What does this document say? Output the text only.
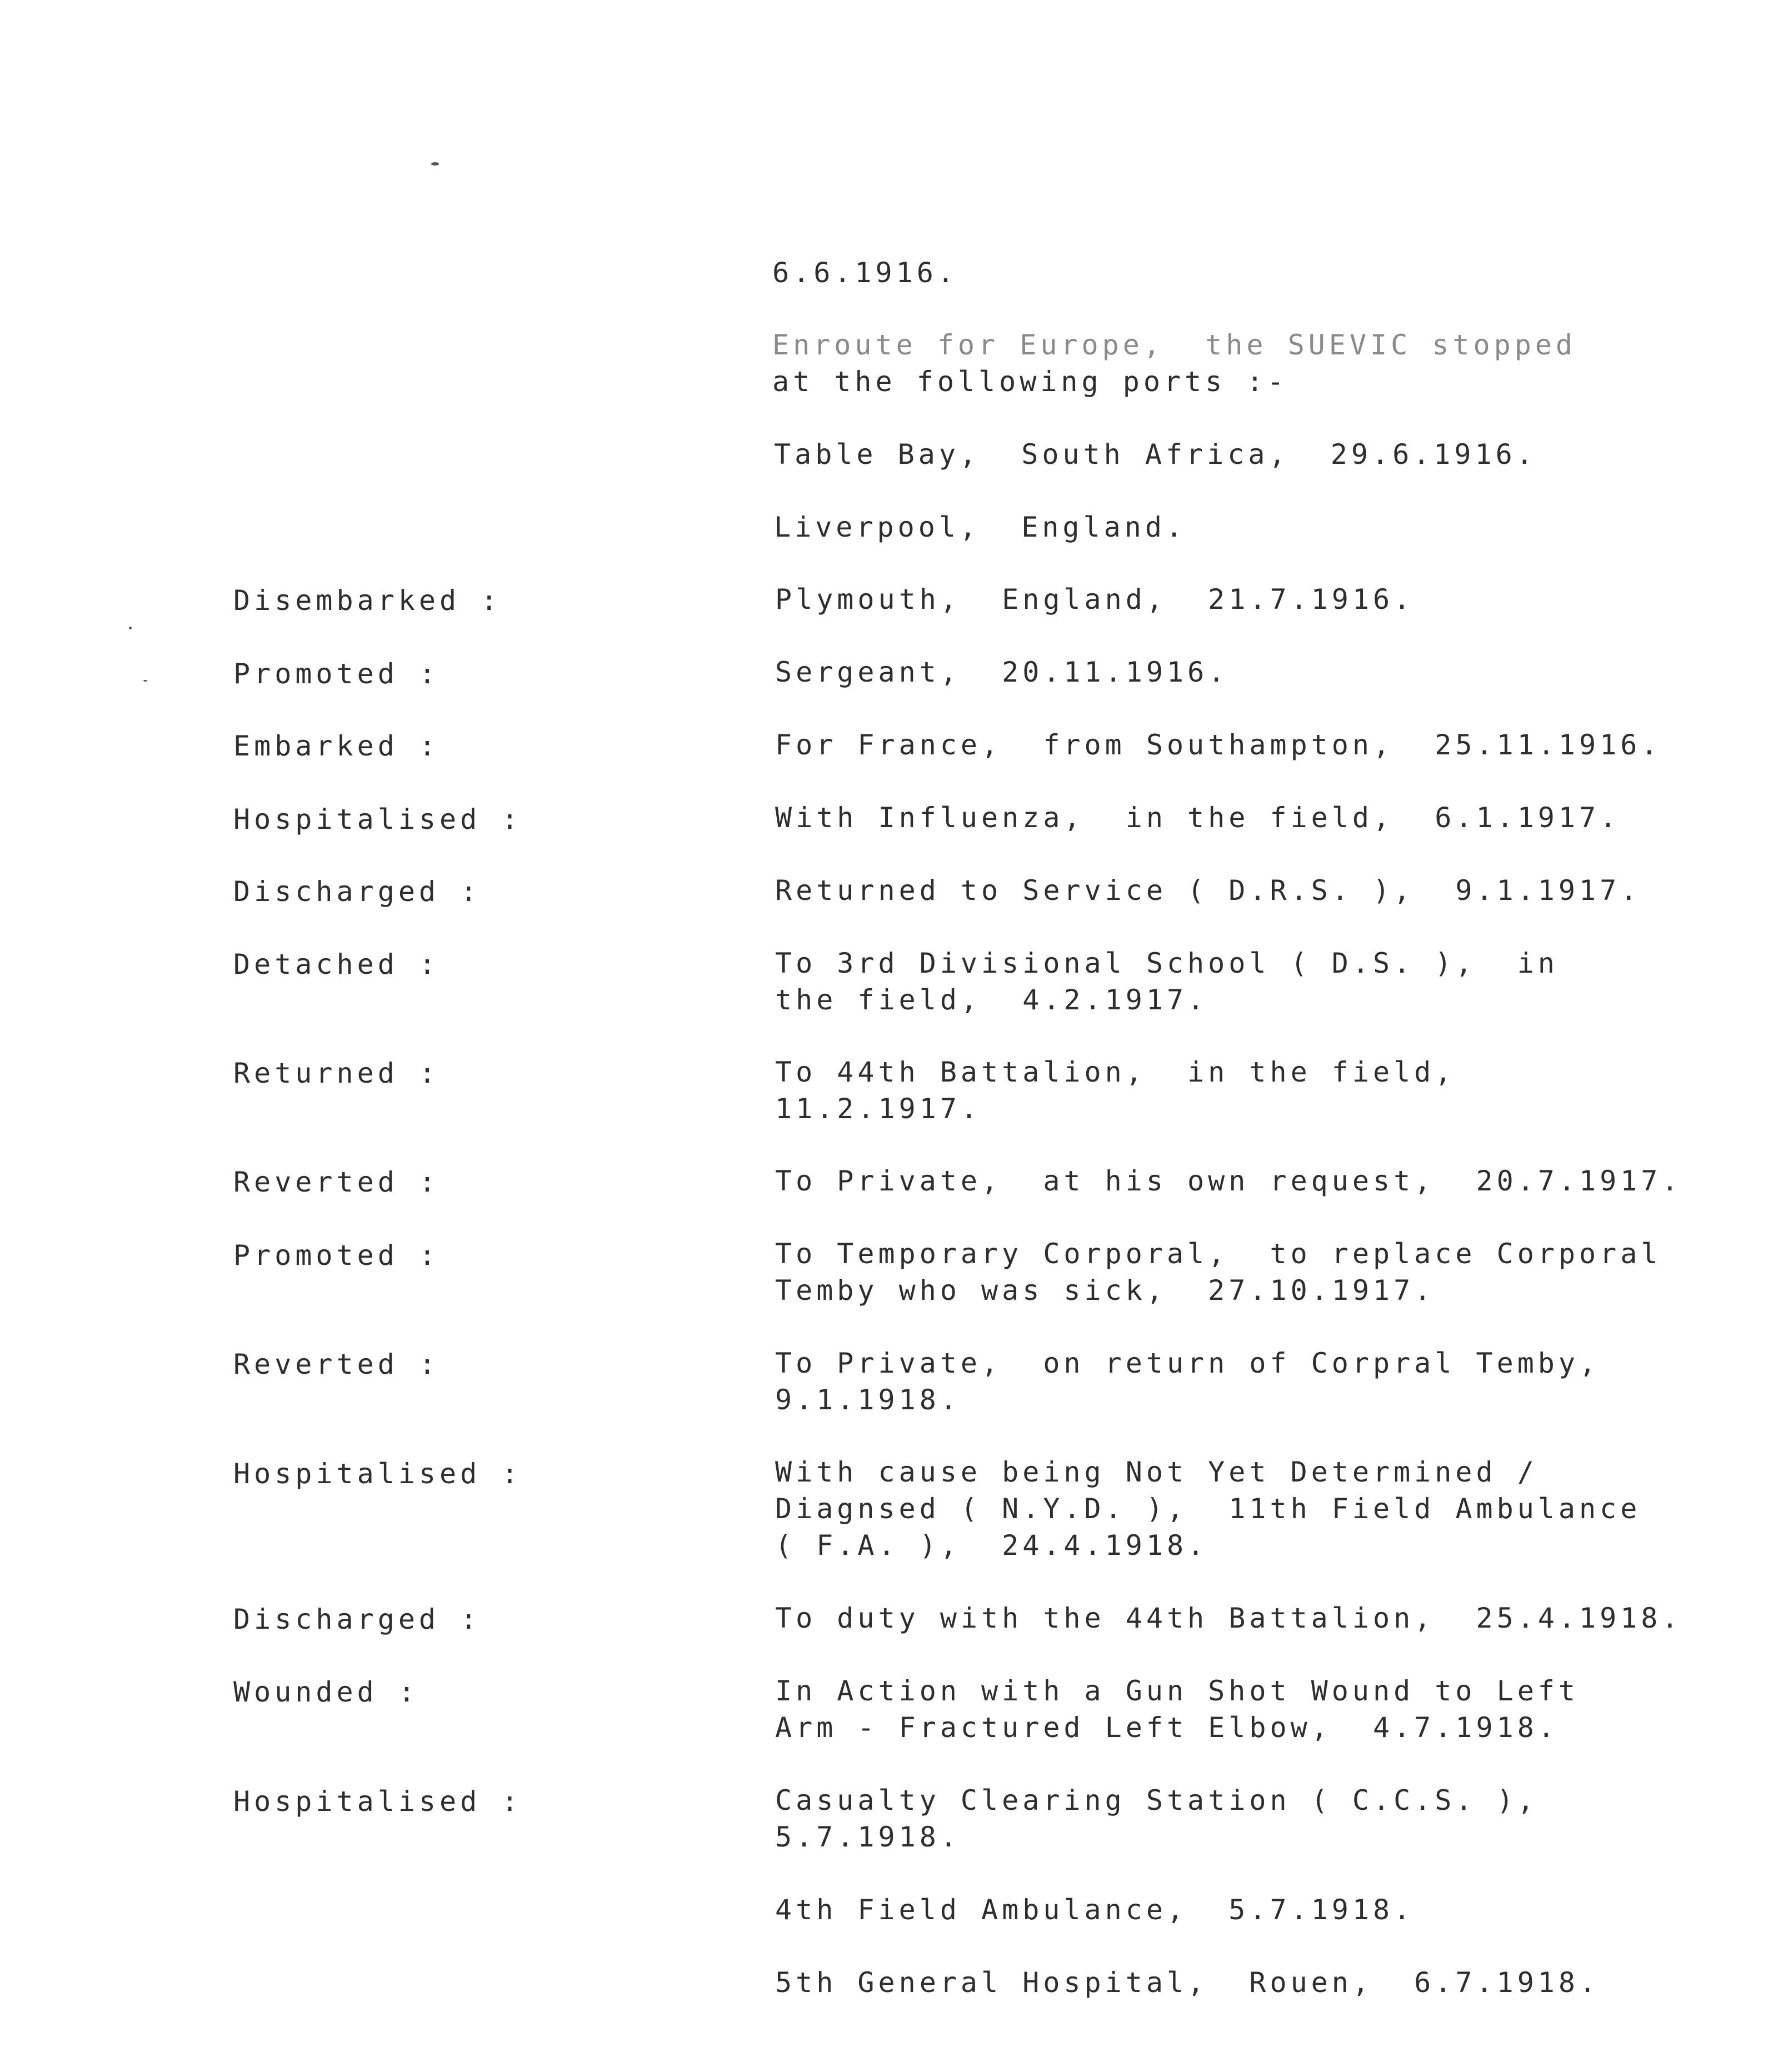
6.6.1916.
Enroute for Europe,  the SUEVIC stopped
at the following ports :-
Table Bay,  South Africa,  29.6.1916.
Liverpool,  England.
Disembarked :	Plymouth,  England,  21.7.1916.
Promoted :	Sergeant,  20.11.1916.
Embarked :	For France,  from Southampton,  25.11.1916.
Hospitalised :	With Influenza,  in the field,  6.1.1917.
Discharged :	Returned to Service ( D.R.S. ),  9.1.1917.
Detached :	To 3rd Divisional School ( D.S. ),  in
the field,  4.2.1917.
Returned :	To 44th Battalion,  in the field,
11.2.1917.
Reverted :	To Private,  at his own request,  20.7.1917.
Promoted :	To Temporary Corporal,  to replace Corporal
Temby who was sick,  27.10.1917.
Reverted :	To Private,  on return of Corpral Temby,
9.1.1918.
Hospitalised :	With cause being Not Yet Determined /
Diagnsed ( N.Y.D. ),  11th Field Ambulance
( F.A. ),  24.4.1918.
Discharged :	To duty with the 44th Battalion,  25.4.1918.
Wounded :	In Action with a Gun Shot Wound to Left
Arm - Fractured Left Elbow,  4.7.1918.
Hospitalised :	Casualty Clearing Station ( C.C.S. ),
5.7.1918.
4th Field Ambulance,  5.7.1918.
5th General Hospital,  Rouen,  6.7.1918.
